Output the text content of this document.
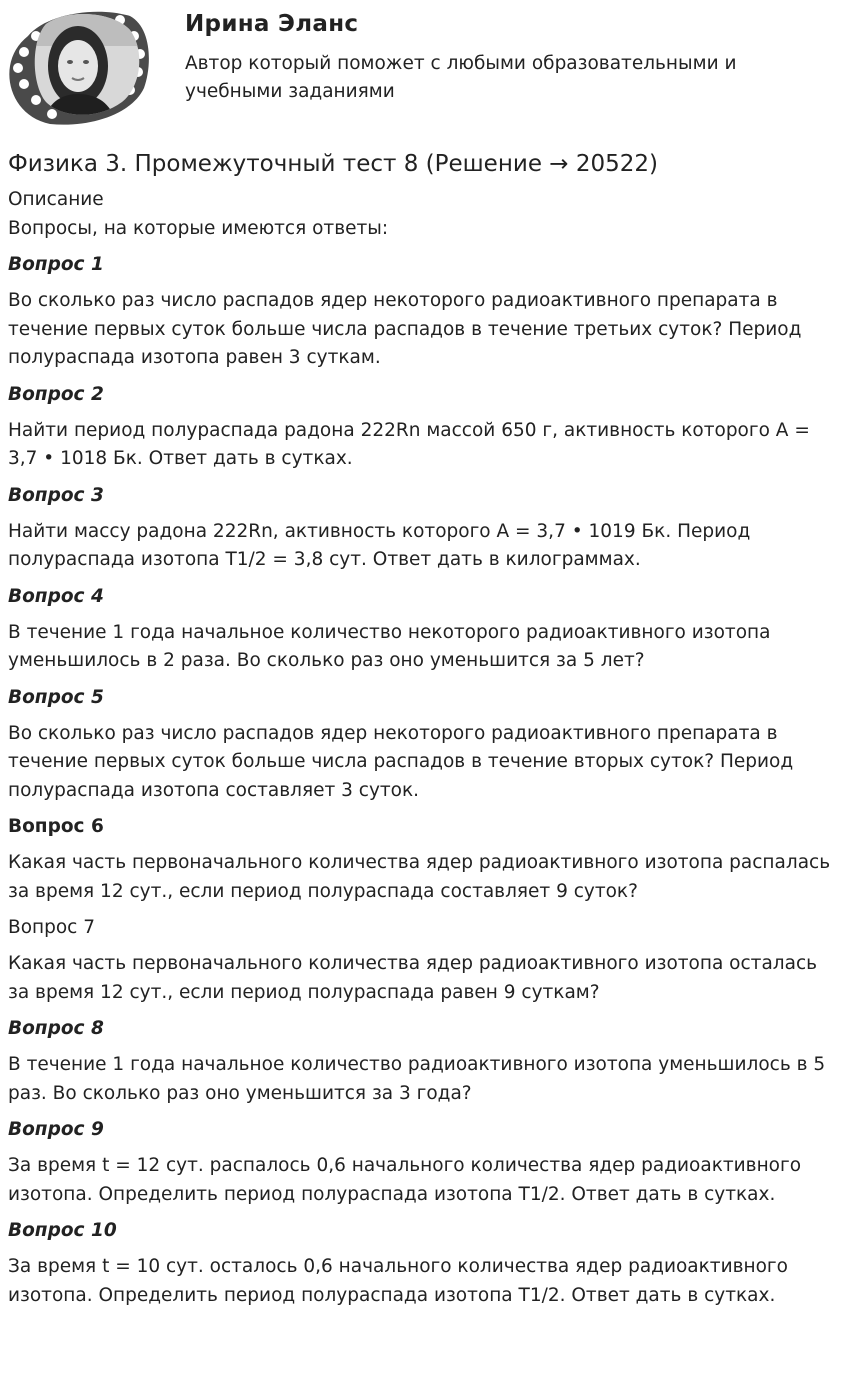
Ирина Эланс
Автор который поможет с любыми образовательными и учебными заданиями
Физика 3. Промежуточный тест 8 (Решение → 20522)

Описание

Вопросы, на которые имеются ответы:

Вопрос 1

Во сколько раз число распадов ядер некоторого радиоактивного препарата в течение первых суток больше числа распадов в течение третьих суток? Период полураспада изотопа равен 3 суткам.

Вопрос 2

Найти период полураспада радона 222Rn массой 650 г, активность которого А = 3,7 • 1018 Бк. Ответ дать в сутках.

Вопрос 3

Найти массу радона 222Rn, активность которого А = 3,7 • 1019 Бк. Период полураспада изотопа Т1/2 = 3,8 сут. Ответ дать в килограммах.

Вопрос 4

В течение 1 года начальное количество некоторого радиоактивного изотопа уменьшилось в 2 раза. Во сколько раз оно уменьшится за 5 лет?

Вопрос 5

Во сколько раз число распадов ядер некоторого радиоактивного препарата в течение первых суток больше числа распадов в течение вторых суток? Период полураспада изотопа составляет 3 суток.

Вопрос 6

Какая часть первоначального количества ядер радиоактивного изотопа распалась за время 12 сут., если период полураспада составляет 9 суток?

Вопрос 7

Какая часть первоначального количества ядер радиоактивного изотопа осталась за время 12 сут., если период полураспада равен 9 суткам?

Вопрос 8

В течение 1 года начальное количество радиоактивного изотопа уменьшилось в 5 раз. Во сколько раз оно уменьшится за 3 года?

Вопрос 9

За время t = 12 сут. распалось 0,6 начального количества ядер радиоактивного изотопа. Определить период полураспада изотопа Т1/2. Ответ дать в сутках.

Вопрос 10

За время t = 10 сут. осталось 0,6 начального количества ядер радиоактивного изотопа. Определить период полураспада изотопа Т1/2. Ответ дать в сутках.
